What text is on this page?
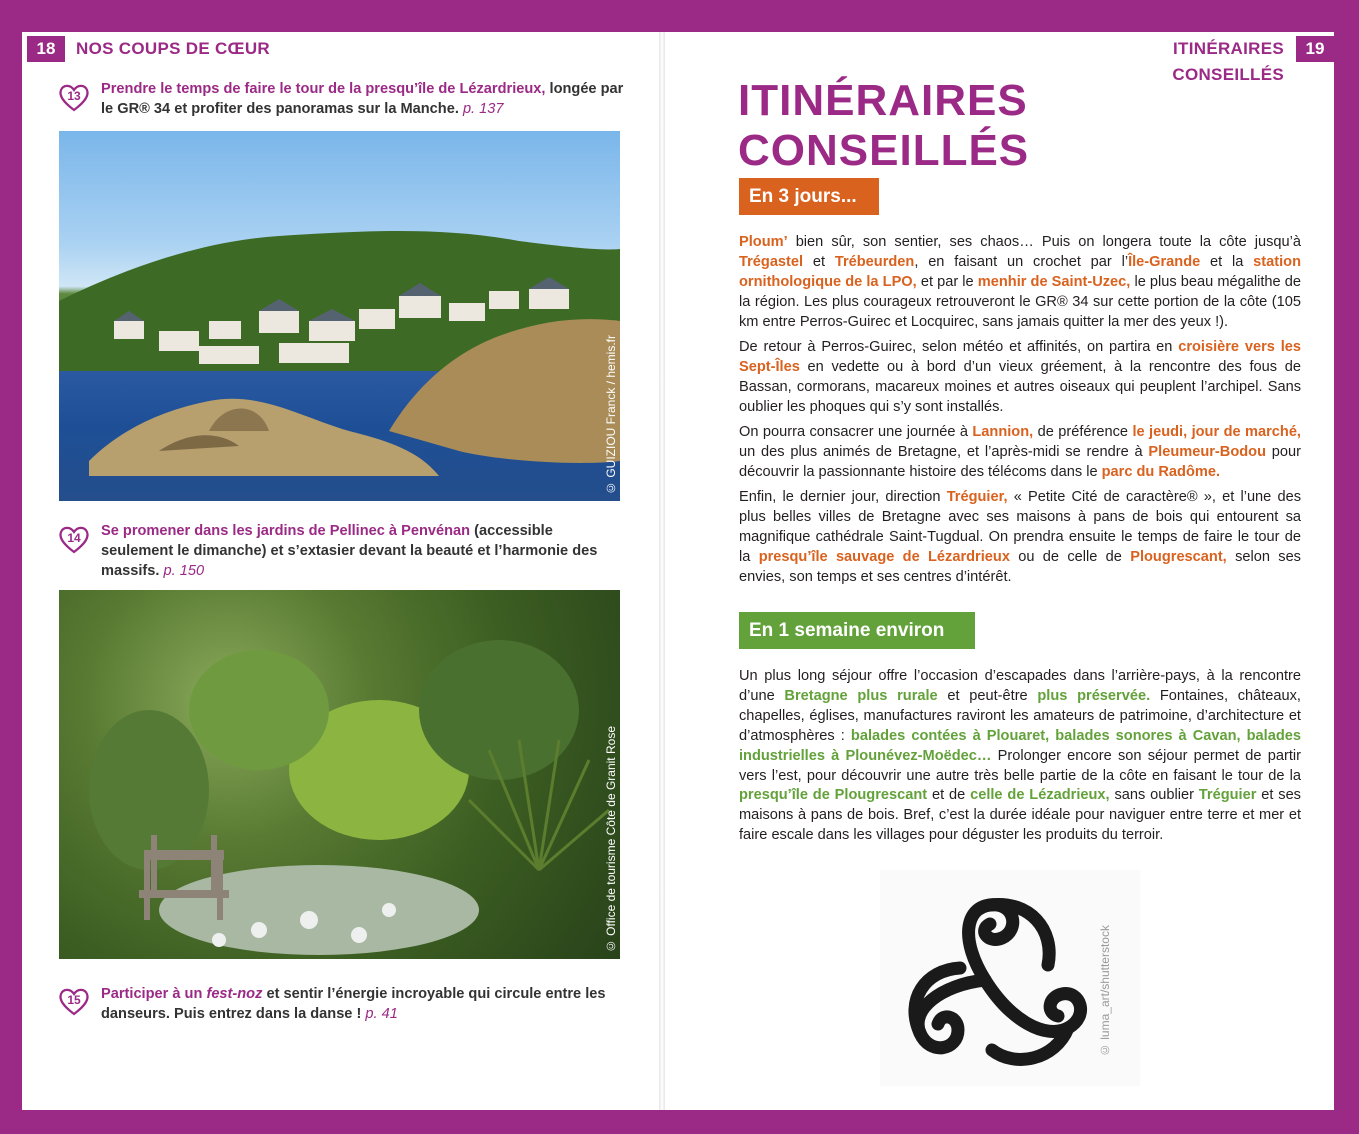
18	NOS COUPS DE CŒUR	ITINÉRAIRES CONSEILLÉS
19
13	Prendre le temps de faire le tour de la presqu’île de Lézardrieux, longée par le GR® 34 et profiter des panoramas sur la Manche. p. 137
© GUIZIOU Franck / hemis.fr
14	Se promener dans les jardins de Pellinec à Penvénan (accessible seulement le dimanche) et s’extasier devant la beauté et l’harmonie des massifs. p. 150
© Office de tourisme Côte de Granit Rose
15	Participer à un fest-noz et sentir l’énergie incroyable qui circule entre les danseurs. Puis entrez dans la danse ! p. 41
ITINÉRAIRES CONSEILLÉS
En 3 jours...
Ploum’ bien sûr, son sentier, ses chaos… Puis on longera toute la côte jusqu’à Trégastel et Trébeurden, en faisant un crochet par l’Île-Grande et la station ornithologique de la LPO, et par le menhir de Saint-Uzec, le plus beau mégalithe de la région. Les plus courageux retrouveront le GR® 34 sur cette portion de la côte (105 km entre Perros-Guirec et Locquirec, sans jamais quitter la mer des yeux !).
De retour à Perros-Guirec, selon météo et affinités, on partira en croisière vers les Sept-Îles en vedette ou à bord d’un vieux gréement, à la rencontre des fous de Bassan, cormorans, macareux moines et autres oiseaux qui peuplent l’archipel. Sans oublier les phoques qui s’y sont installés.
On pourra consacrer une journée à Lannion, de préférence le jeudi, jour de marché, un des plus animés de Bretagne, et l’après-midi se rendre à Pleumeur-Bodou pour découvrir la passionnante histoire des télécoms dans le parc du Radôme.
Enfin, le dernier jour, direction Tréguier, « Petite Cité de caractère® », et l’une des plus belles villes de Bretagne avec ses maisons à pans de bois qui entourent sa magnifique cathédrale Saint-Tugdual. On prendra ensuite le temps de faire le tour de la presqu’île sauvage de Lézardrieux ou de celle de Plougrescant, selon ses envies, son temps et ses centres d’intérêt.
En 1 semaine environ
Un plus long séjour offre l’occasion d’escapades dans l’arrière-pays, à la rencontre d’une Bretagne plus rurale et peut-être plus préservée. Fontaines, châteaux, chapelles, églises, manufactures raviront les amateurs de patrimoine, d’architecture et d’atmosphères : balades contées à Plouaret, balades sonores à Cavan, balades industrielles à Plounévez-Moëdec… Prolonger encore son séjour permet de partir vers l’est, pour découvrir une autre très belle partie de la côte en faisant le tour de la presqu’île de Plougrescant et de celle de Lézadrieux, sans oublier Tréguier et ses maisons à pans de bois. Bref, c’est la durée idéale pour naviguer entre terre et mer et faire escale dans les villages pour déguster les produits du terroir.
© luma_art/shutterstock
